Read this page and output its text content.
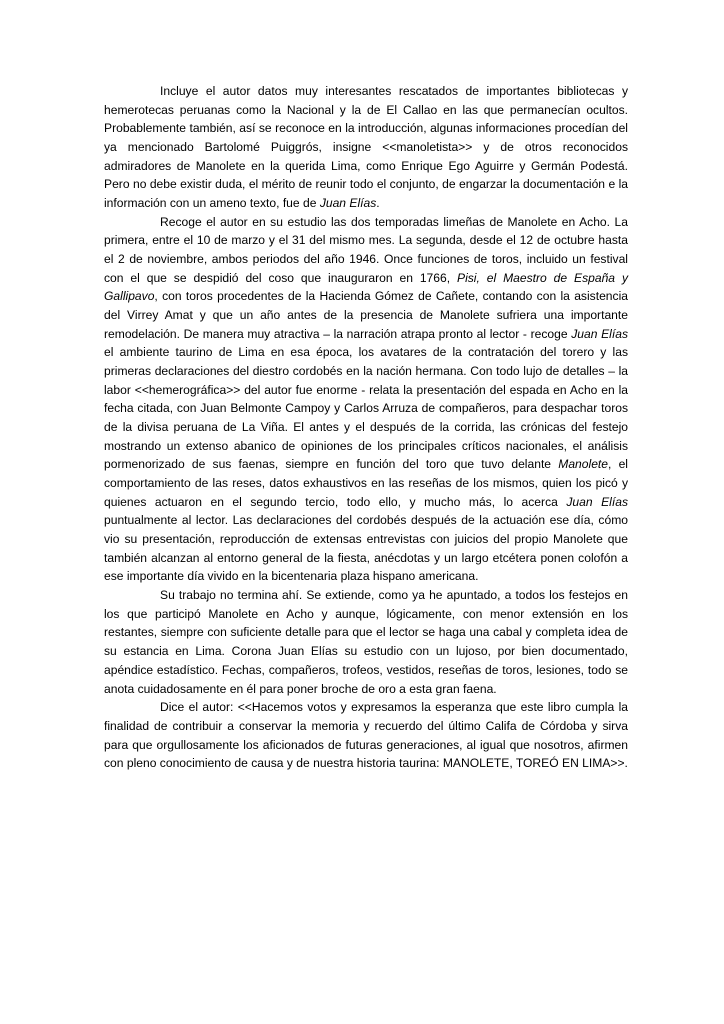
Incluye el autor datos muy interesantes rescatados de importantes bibliotecas y hemerotecas peruanas como la Nacional y la de El Callao en las que permanecían ocultos. Probablemente también, así se reconoce en la introducción, algunas informaciones procedían del ya mencionado Bartolomé Puiggrós, insigne <<manoletista>> y de otros reconocidos admiradores de Manolete en la querida Lima, como Enrique Ego Aguirre y Germán Podestá. Pero no debe existir duda, el mérito de reunir todo el conjunto, de engarzar la documentación e la información con un ameno texto, fue de Juan Elías.

Recoge el autor en su estudio las dos temporadas limeñas de Manolete en Acho. La primera, entre el 10 de marzo y el 31 del mismo mes. La segunda, desde el 12 de octubre hasta el 2 de noviembre, ambos periodos del año 1946. Once funciones de toros, incluido un festival con el que se despidió del coso que inauguraron en 1766, Pisi, el Maestro de España y Gallipavo, con toros procedentes de la Hacienda Gómez de Cañete, contando con la asistencia del Virrey Amat y que un año antes de la presencia de Manolete sufriera una importante remodelación. De manera muy atractiva – la narración atrapa pronto al lector - recoge Juan Elías el ambiente taurino de Lima en esa época, los avatares de la contratación del torero y las primeras declaraciones del diestro cordobés en la nación hermana. Con todo lujo de detalles – la labor <<hemerográfica>> del autor fue enorme - relata la presentación del espada en Acho en la fecha citada, con Juan Belmonte Campoy y Carlos Arruza de compañeros, para despachar toros de la divisa peruana de La Viña. El antes y el después de la corrida, las crónicas del festejo mostrando un extenso abanico de opiniones de los principales críticos nacionales, el análisis pormenorizado de sus faenas, siempre en función del toro que tuvo delante Manolete, el comportamiento de las reses, datos exhaustivos en las reseñas de los mismos, quien los picó y quienes actuaron en el segundo tercio, todo ello, y mucho más, lo acerca Juan Elías puntualmente al lector. Las declaraciones del cordobés después de la actuación ese día, cómo vio su presentación, reproducción de extensas entrevistas con juicios del propio Manolete que también alcanzan al entorno general de la fiesta, anécdotas y un largo etcétera ponen colofón a ese importante día vivido en la bicentenaria plaza hispano americana.

Su trabajo no termina ahí. Se extiende, como ya he apuntado, a todos los festejos en los que participó Manolete en Acho y aunque, lógicamente, con menor extensión en los restantes, siempre con suficiente detalle para que el lector se haga una cabal y completa idea de su estancia en Lima. Corona Juan Elías su estudio con un lujoso, por bien documentado, apéndice estadístico. Fechas, compañeros, trofeos, vestidos, reseñas de toros, lesiones, todo se anota cuidadosamente en él para poner broche de oro a esta gran faena.

Dice el autor: <<Hacemos votos y expresamos la esperanza que este libro cumpla la finalidad de contribuir a conservar la memoria y recuerdo del último Califa de Córdoba y sirva para que orgullosamente los aficionados de futuras generaciones, al igual que nosotros, afirmen con pleno conocimiento de causa y de nuestra historia taurina: MANOLETE, TOREÓ EN LIMA>>.
